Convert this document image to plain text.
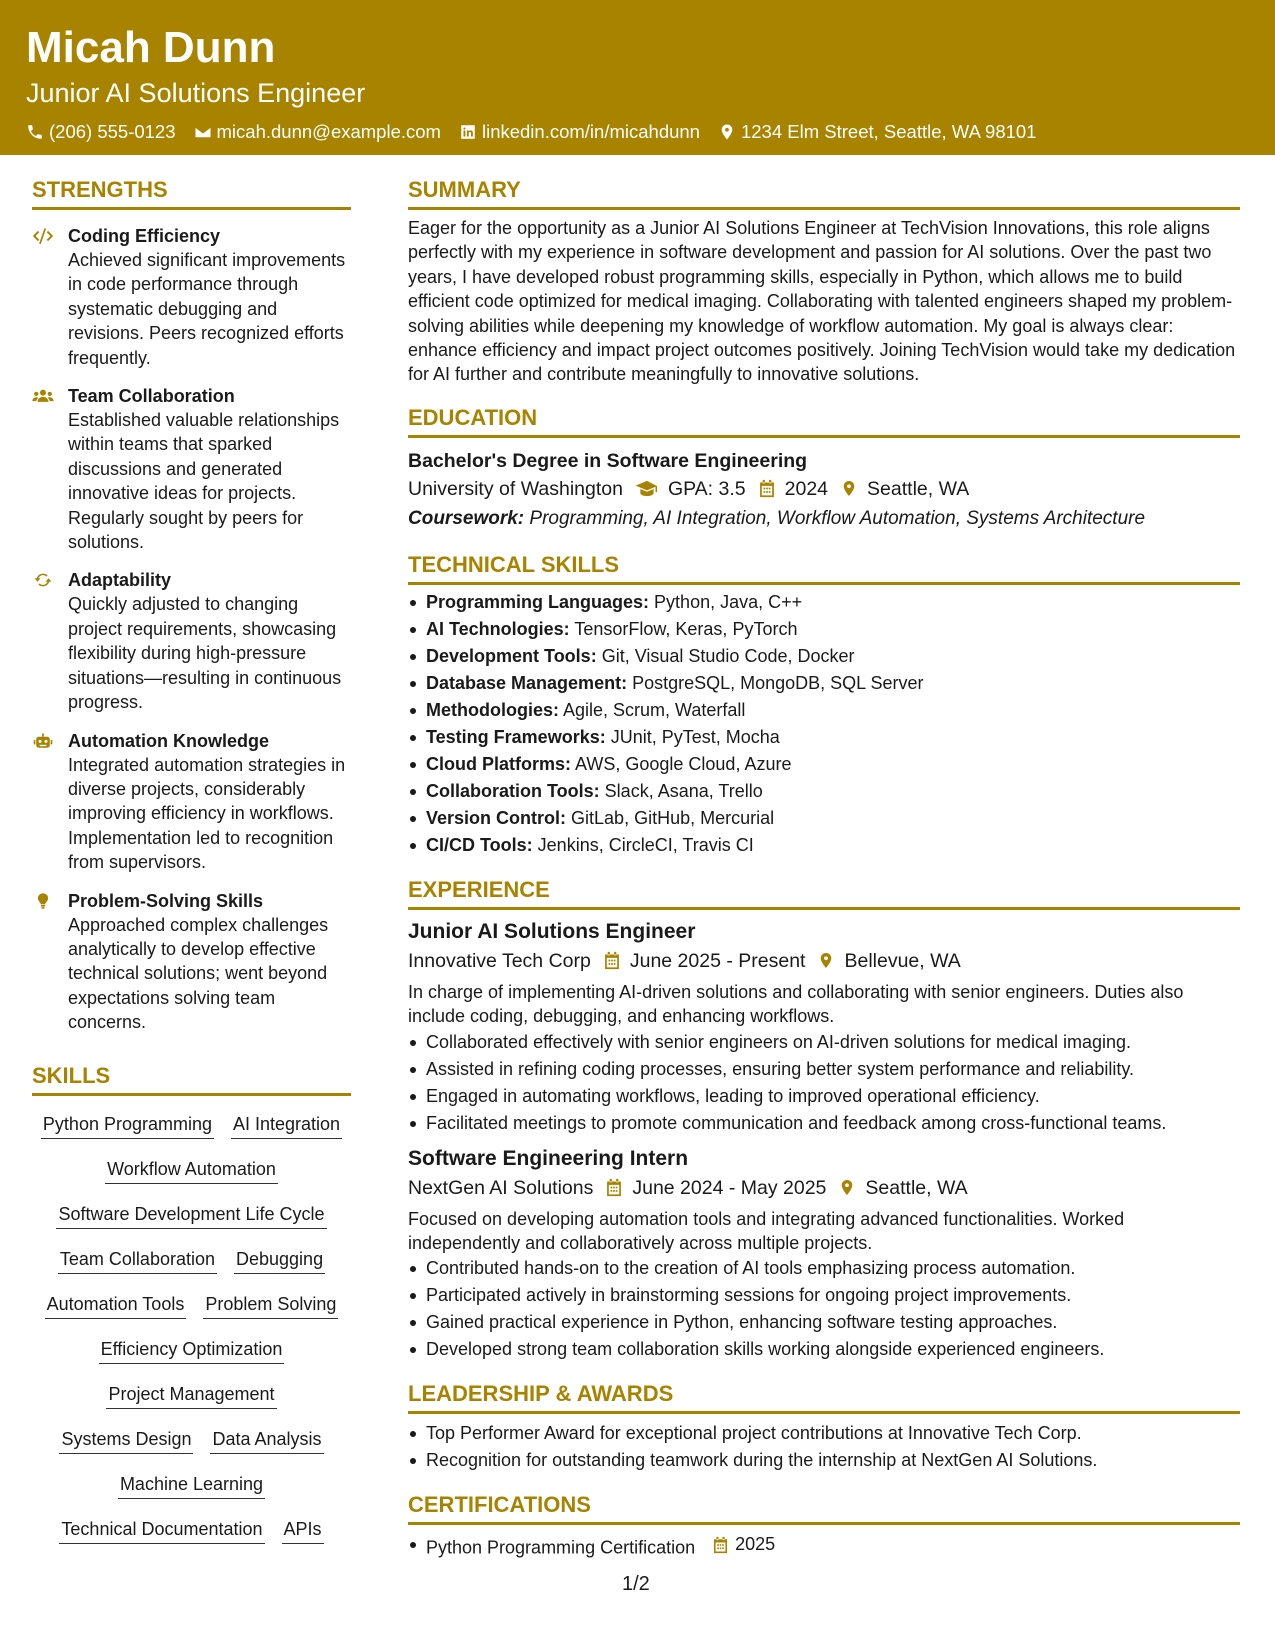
Micah Dunn
Junior AI Solutions Engineer
(206) 555-0123 micah.dunn@example.com linkedin.com/in/micahdunn 1234 Elm Street, Seattle, WA 98101
STRENGTHS
Coding Efficiency
Achieved significant improvements in code performance through systematic debugging and revisions. Peers recognized efforts frequently.
Team Collaboration
Established valuable relationships within teams that sparked discussions and generated innovative ideas for projects. Regularly sought by peers for solutions.
Adaptability
Quickly adjusted to changing project requirements, showcasing flexibility during high-pressure situations—resulting in continuous progress.
Automation Knowledge
Integrated automation strategies in diverse projects, considerably improving efficiency in workflows. Implementation led to recognition from supervisors.
Problem-Solving Skills
Approached complex challenges analytically to develop effective technical solutions; went beyond expectations solving team concerns.
SKILLS
Python Programming AI Integration
Workflow Automation
Software Development Life Cycle
Team Collaboration Debugging
Automation Tools Problem Solving
Efficiency Optimization
Project Management
Systems Design Data Analysis
Machine Learning
Technical Documentation APIs
SUMMARY
Eager for the opportunity as a Junior AI Solutions Engineer at TechVision Innovations, this role aligns perfectly with my experience in software development and passion for AI solutions. Over the past two years, I have developed robust programming skills, especially in Python, which allows me to build efficient code optimized for medical imaging. Collaborating with talented engineers shaped my problem-solving abilities while deepening my knowledge of workflow automation. My goal is always clear: enhance efficiency and impact project outcomes positively. Joining TechVision would take my dedication for AI further and contribute meaningfully to innovative solutions.
EDUCATION
Bachelor's Degree in Software Engineering
University of Washington GPA: 3.5 2024 Seattle, WA
Coursework: Programming, AI Integration, Workflow Automation, Systems Architecture
TECHNICAL SKILLS
Programming Languages: Python, Java, C++
AI Technologies: TensorFlow, Keras, PyTorch
Development Tools: Git, Visual Studio Code, Docker
Database Management: PostgreSQL, MongoDB, SQL Server
Methodologies: Agile, Scrum, Waterfall
Testing Frameworks: JUnit, PyTest, Mocha
Cloud Platforms: AWS, Google Cloud, Azure
Collaboration Tools: Slack, Asana, Trello
Version Control: GitLab, GitHub, Mercurial
CI/CD Tools: Jenkins, CircleCI, Travis CI
EXPERIENCE
Junior AI Solutions Engineer
Innovative Tech Corp June 2025 - Present Bellevue, WA
In charge of implementing AI-driven solutions and collaborating with senior engineers. Duties also include coding, debugging, and enhancing workflows.
Collaborated effectively with senior engineers on AI-driven solutions for medical imaging.
Assisted in refining coding processes, ensuring better system performance and reliability.
Engaged in automating workflows, leading to improved operational efficiency.
Facilitated meetings to promote communication and feedback among cross-functional teams.
Software Engineering Intern
NextGen AI Solutions June 2024 - May 2025 Seattle, WA
Focused on developing automation tools and integrating advanced functionalities. Worked independently and collaboratively across multiple projects.
Contributed hands-on to the creation of AI tools emphasizing process automation.
Participated actively in brainstorming sessions for ongoing project improvements.
Gained practical experience in Python, enhancing software testing approaches.
Developed strong team collaboration skills working alongside experienced engineers.
LEADERSHIP & AWARDS
Top Performer Award for exceptional project contributions at Innovative Tech Corp.
Recognition for outstanding teamwork during the internship at NextGen AI Solutions.
CERTIFICATIONS
Python Programming Certification 2025
1/2
